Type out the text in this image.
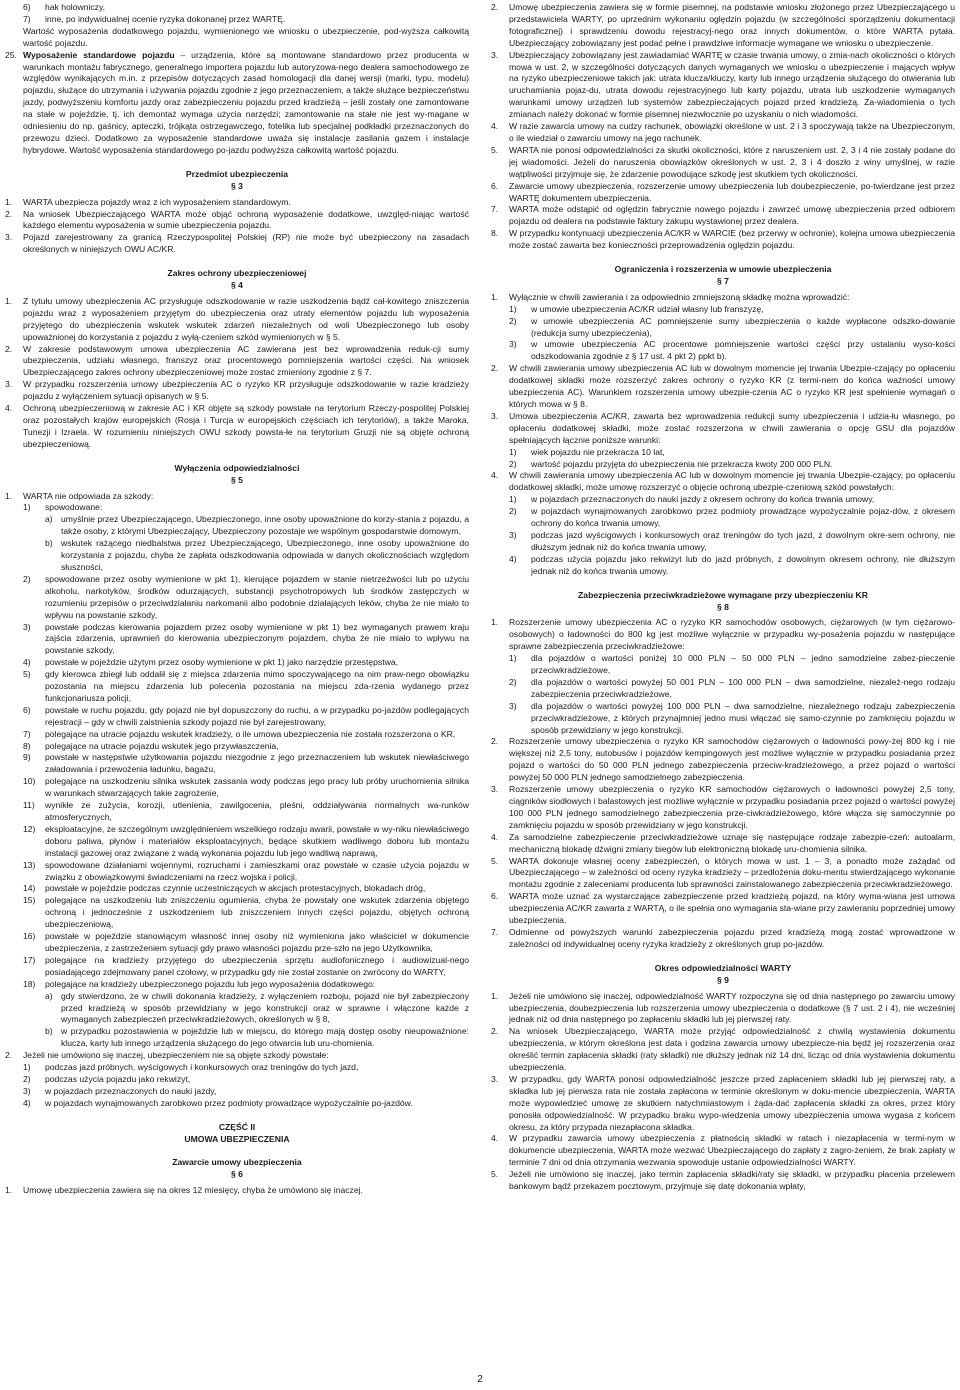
6) hak holowniczy,

7) inne, po indywidualnej ocenie ryzyka dokonanej przez WARTĘ.

Wartość wyposażenia dodatkowego pojazdu, wymienionego we wniosku o ubezpieczenie, pod-wyższa całkowitą wartość pojazdu.

25. Wyposażenie standardowe pojazdu – urządzenia, które są montowane standardowo przez producenta w warunkach montażu fabrycznego, generalnego importera pojazdu lub autoryzowa-nego dealera samochodowego ze względów wynikających m.in. z przepisów dotyczących zasad homologacji dla danej wersji (marki, typu, modelu) pojazdu, służące do utrzymania i używania pojazdu zgodnie z jego przeznaczeniem, a także służące bezpieczeństwu jazdy, podwyższeniu komfortu jazdy oraz zabezpieczeniu pojazdu przed kradzieżą – jeśli zostały one zamontowane na stałe w pojeździe, tj. ich demontaż wymaga użycia narzędzi; zamontowanie na stałe nie jest wy-magane w odniesieniu do np. gaśnicy, apteczki, trójkąta ostrzegawczego, fotelika lub specjalnej podkładki przeznaczonych do przewozu dzieci. Dodatkowo za wyposażenie standardowe uważa się instalacje zasilania gazem i instalacje hybrydowe. Wartość wyposażenia standardowego po-jazdu podwyższa całkowitą wartość pojazdu.

Przedmiot ubezpieczenia

§ 3

1. WARTA ubezpiecza pojazdy wraz z ich wyposażeniem standardowym.

2. Na wniosek Ubezpieczającego WARTA może objąć ochroną wyposażenie dodatkowe, uwzględ-niając wartość każdego elementu wyposażenia w sumie ubezpieczenia pojazdu.

3. Pojazd zarejestrowany za granicą Rzeczypospolitej Polskiej (RP) nie może być ubezpieczony na zasadach określonych w niniejszych OWU AC/KR.

Zakres ochrony ubezpieczeniowej

§ 4

1. Z tytułu umowy ubezpieczenia AC przysługuje odszkodowanie w razie uszkodzenia bądź cał-kowitego zniszczenia pojazdu wraz z wyposażeniem przyjętym do ubezpieczenia oraz utraty elementów pojazdu lub wyposażenia przyjętego do ubezpieczenia wskutek wskutek zdarzeń niezależnych od woli Ubezpieczonego lub osoby upoważnionej do korzystania z pojazdu z wyłą-czeniem szkód wymienionych w § 5.

2. W zakresie podstawowym umowa ubezpieczenia AC zawierana jest bez wprowadzenia reduk-cji sumy ubezpieczenia, udziału własnego, franszyz oraz procentowego pomniejszenia wartości części. Na wniosek Ubezpieczającego zakres ochrony ubezpieczeniowej może zostać zmieniony zgodnie z § 7.

3. W przypadku rozszerzenia umowy ubezpieczenia AC o ryzyko KR przysługuje odszkodowanie w razie kradzieży pojazdu z wyłączeniem sytuacji opisanych w § 5.

4. Ochroną ubezpieczeniową w zakresie AC i KR objęte są szkody powstałe na terytorium Rzeczy-pospolitej Polskiej oraz pozostałych krajów europejskich (Rosja i Turcja w europejskich częściach ich terytoriów), a także Maroka, Tunezji i Izraela. W rozumieniu niniejszych OWU szkody powsta-łe na terytorium Gruzji nie są objęte ochroną ubezpieczeniową.

Wyłączenia odpowiedzialności

§ 5

1. WARTA nie odpowiada za szkody:

1) spowodowane:

a) umyślnie przez Ubezpieczającego, Ubezpieczonego, inne osoby upoważnione do korzy-stania z pojazdu, a także osoby, z którymi Ubezpieczający, Ubezpieczony pozostaje we wspólnym gospodarstwie domowym,

b) wskutek rażącego niedbalstwa przez Ubezpieczającego, Ubezpieczonego, inne osoby upoważnione do korzystania z pojazdu, chyba że zapłata odszkodowania odpowiada w danych okolicznościach względom słuszności,

2) spowodowane przez osoby wymienione w pkt 1), kierujące pojazdem w stanie nietrzeźwości lub po użyciu alkoholu, narkotyków, środków odurzających, substancji psychotropowych lub środków zastępczych w rozumieniu przepisów o przeciwdziałaniu narkomanii albo podobnie działających leków, chyba że nie miało to wpływu na powstanie szkody,

3) powstałe podczas kierowania pojazdem przez osoby wymienione w pkt 1) bez wymaganych prawem kraju zajścia zdarzenia, uprawnień do kierowania ubezpieczonym pojazdem, chyba że nie miało to wpływu na powstanie szkody,

4) powstałe w pojeździe użytym przez osoby wymienione w pkt 1) jako narzędzie przestępstwa,

5) gdy kierowca zbiegł lub oddalił się z miejsca zdarzenia mimo spoczywającego na nim praw-nego obowiązku pozostania na miejscu zdarzenia lub polecenia pozostania na miejscu zda-rzenia wydanego przez funkcjonariusza policji,

6) powstałe w ruchu pojazdu, gdy pojazd nie był dopuszczony do ruchu, a w przypadku po-jazdów podlegających rejestracji – gdy w chwili zaistnienia szkody pojazd nie był zarejestrowany,

7) polegające na utracie pojazdu wskutek kradzieży, o ile umowa ubezpieczenia nie została rozszerzona o KR,

8) polegające na utracie pojazdu wskutek jego przywłaszczenia,

9) powstałe w następstwie użytkowania pojazdu niezgodnie z jego przeznaczeniem lub wskutek niewłaściwego załadowania i przewożenia ładunku, bagażu,

10) polegające na uszkodzeniu silnika wskutek zassania wody podczas jego pracy lub próby uruchomienia silnika w warunkach stwarzających takie zagrożenie,

11) wynikłe ze zużycia, korozji, utlenienia, zawilgocenia, pleśni, oddziaływania normalnych wa-runków atmosferycznych,

12) eksploatacyjne, ze szczególnym uwzględnieniem wszelkiego rodzaju awarii, powstałe w wy-niku niewłaściwego doboru paliwa, płynów i materiałów eksploatacyjnych, będące skutkiem wadliwego doboru lub montażu instalacji gazowej oraz związane z wadą wykonania pojazdu lub jego wadliwą naprawą,

13) spowodowane działaniami wojennymi, rozruchami i zamieszkami oraz powstałe w czasie użycia pojazdu w związku z obowiązkowymi świadczeniami na rzecz wojska i policji,

14) powstałe w pojeździe podczas czynnie uczestniczących w akcjach protestacyjnych, blokadach dróg,

15) polegające na uszkodzeniu lub zniszczeniu ogumienia, chyba że powstały one wskutek zdarzenia objętego ochroną i jednocześnie z uszkodzeniem lub zniszczeniem innych części pojazdu, objętych ochroną ubezpieczeniową,

16) powstałe w pojeździe stanowiącym własność innej osoby niż wymieniona jako właściciel w dokumencie ubezpieczenia, z zastrzeżeniem sytuacji gdy prawo własności pojazdu prze-szło na jego Użytkownika,

17) polegające na kradzieży przyjętego do ubezpieczenia sprzętu audiofonicznego i audiowizual-nego posiadającego zdejmowany panel czołowy, w przypadku gdy nie został zostanie on zwrócony do WARTY,

18) polegające na kradzieży ubezpieczonego pojazdu lub jego wyposażenia dodatkowego:

a) gdy stwierdzono, że w chwili dokonania kradzieży, z wyłączeniem rozboju, pojazd nie był zabezpieczony przed kradzieżą w sposób przewidziany w jego konstrukcji oraz w sprawne i włączone każde z wymaganych zabezpieczeń przeciwkradzieżowych, określonych w § 8,

b) w przypadku pozostawienia w pojeździe lub w miejscu, do którego mają dostęp osoby nieupoważnione: klucza, karty lub innego urządzenia służącego do jego otwarcia lub uru-chomienia.

2. Jeżeli nie umówiono się inaczej, ubezpieczeniem nie są objęte szkody powstałe:

1) podczas jazd próbnych, wyścigowych i konkursowych oraz treningów do tych jazd,

2) podczas użycia pojazdu jako rekwizyt,

3) w pojazdach przeznaczonych do nauki jazdy,

4) w pojazdach wynajmowanych zarobkowo przez podmioty prowadzące wypożyczalnie po-jazdów.

CZĘŚĆ II

UMOWA UBEZPIECZENIA

Zawarcie umowy ubezpieczenia

§ 6

1. Umowę ubezpieczenia zawiera się na okres 12 miesięcy, chyba że umówiono się inaczej.

2. Umowę ubezpieczenia zawiera się w formie pisemnej, na podstawie wniosku złożonego przez Ubezpieczającego u przedstawiciela WARTY, po uprzednim wykonaniu oględzin pojazdu (w szczególności sporządzeniu dokumentacji fotograficznej) i sprawdzeniu dowodu rejestracyj-nego oraz innych dokumentów, o które WARTA pytała. Ubezpieczający zobowiązany jest podać pełne i prawdziwe informacje wymagane we wniosku o ubezpieczenie.

3. Ubezpieczający zobowiązany jest zawiadamiać WARTĘ w czasie trwania umowy, o zmia-nach okoliczności o których mowa w ust. 2, w szczególności dotyczących danych wymaganych we wniosku o ubezpieczenie i mających wpływ na ryzyko ubezpieczeniowe takich jak: utrata klucza/kluczy, karty lub innego urządzenia służącego do otwierania lub uruchamiania pojaz-du, utrata dowodu rejestracyjnego lub karty pojazdu, utrata lub uszkodzenie wymaganych warunkami umowy urządzeń lub systemów zabezpieczających pojazd przed kradzieżą. Za-wiadomienia o tych zmianach należy dokonać w formie pisemnej niezwłocznie po uzyskaniu o nich wiadomości.

4. W razie zawarcia umowy na cudzy rachunek, obowiązki określone w ust. 2 i 3 spoczywają także na Ubezpieczonym, o ile wiedział o zawarciu umowy na jego rachunek.

5. WARTA nie ponosi odpowiedzialności za skutki okoliczności, które z naruszeniem ust. 2, 3 i 4 nie zostały podane do jej wiadomości. Jeżeli do naruszenia obowiązków określonych w ust. 2, 3 i 4 doszło z winy umyślnej, w razie wątpliwości przyjmuje się, że zdarzenie powodujące szkodę jest skutkiem tych okoliczności.

6. Zawarcie umowy ubezpieczenia, rozszerzenie umowy ubezpieczenia lub doubezpieczenie, po-twierdzane jest przez WARTĘ dokumentem ubezpieczenia.

7. WARTA może odstąpić od oględzin fabrycznie nowego pojazdu i zawrzeć umowę ubezpieczenia przed odbiorem pojazdu od dealera na podstawie faktury zakupu wystawionej przez dealera.

8. W przypadku kontynuacji ubezpieczenia AC/KR w WARCIE (bez przerwy w ochronie), kolejna umowa ubezpieczenia może zostać zawarta bez konieczności przeprowadzenia oględzin pojazdu.

Ograniczenia i rozszerzenia w umowie ubezpieczenia

§ 7

1. Wyłącznie w chwili zawierania i za odpowiednio zmniejszoną składkę można wprowadzić:

1) w umowie ubezpieczenia AC/KR udział własny lub franszyzę,

2) w umowie ubezpieczenia AC pomniejszenie sumy ubezpieczenia o każde wypłacone odszko-dowanie (redukcja sumy ubezpieczenia),

3) w umowie ubezpieczenia AC procentowe pomniejszenie wartości części przy ustalaniu wyso-kości odszkodowania zgodnie z § 17 ust. 4 pkt 2) ppkt b).

2. W chwili zawierania umowy ubezpieczenia AC lub w dowolnym momencie jej trwania Ubezpie-czający po opłaceniu dodatkowej składki może rozszerzyć zakres ochrony o ryzyko KR (z termi-nem do końca ważności umowy ubezpieczenia AC). Warunkiem rozszerzenia umowy ubezpie-czenia AC o ryzyko KR jest spełnienie wymagań o których mowa w § 8.

3. Umowa ubezpieczenia AC/KR, zawarta bez wprowadzenia redukcji sumy ubezpieczenia i udzia-łu własnego, po opłaceniu dodatkowej składki, może zostać rozszerzona w chwili zawierania o opcję GSU dla pojazdów spełniających łącznie poniższe warunki:

1) wiek pojazdu nie przekracza 10 lat,

2) wartość pojazdu przyjęta do ubezpieczenia nie przekracza kwoty 200 000 PLN.

4. W chwili zawierania umowy ubezpieczenia AC lub w dowolnym momencie jej trwania Ubezpie-czający, po opłaceniu dodatkowej składki, może umowę rozszerzyć o objęcie ochroną ubezpie-czeniową szkód powstałych:

1) w pojazdach przeznaczonych do nauki jazdy z okresem ochrony do końca trwania umowy,

2) w pojazdach wynajmowanych zarobkowo przez podmioty prowadzące wypożyczalnie pojaz-dów, z okresem ochrony do końca trwania umowy,

3) podczas jazd wyścigowych i konkursowych oraz treningów do tych jazd, z dowolnym okre-sem ochrony, nie dłuższym jednak niż do końca trwania umowy,

4) podczas użycia pojazdu jako rekwizyt lub do jazd próbnych, z dowolnym okresem ochrony, nie dłuższym jednak niż do końca trwania umowy.

Zabezpieczenia przeciwkradzieżowe wymagane przy ubezpieczeniu KR

§ 8

1. Rozszerzenie umowy ubezpieczenia AC o ryzyko KR samochodów osobowych, ciężarowych (w tym ciężarowo-osobowych) o ładowności do 800 kg jest możliwe wyłącznie w przypadku wy-posażenia pojazdu w następujące sprawne zabezpieczenia przeciwkradzieżowe:

1) dla pojazdów o wartości poniżej 10 000 PLN – 50 000 PLN – jedno samodzielne zabez-pieczenie przeciwkradzieżowe,

2) dla pojazdów o wartości powyżej 50 001 PLN – 100 000 PLN – dwa samodzielne, niezależ-nego rodzaju zabezpieczenia przeciwkradzieżowe,

3) dla pojazdów o wartości powyżej 100 000 PLN – dwa samodzielne, niezależnego rodzaju zabezpieczenia przeciwkradzieżowe, z których przynajmniej jedno musi włączać się samo-czynnie po zamknięciu pojazdu w sposób przewidziany w jego konstrukcji.

2. Rozszerzenie umowy ubezpieczenia o ryzyko KR samochodów ciężarowych o ładowności powy-żej 800 kg i nie większej niż 2,5 tony, autobusów i pojazdów kempingowych jest możliwe wyłącznie w przypadku posiadania przez pojazd o wartości do 50 000 PLN jednego zabezpieczenia przeciw-kradzieżowego, a przez pojazd o wartości powyżej 50 000 PLN jednego samodzielnego zabezpieczenia.

3. Rozszerzenie umowy ubezpieczenia o ryzyko KR samochodów ciężarowych o ładowności powyżej 2,5 tony, ciągników siodłowych i balastowych jest możliwe wyłącznie w przypadku posiadania przez pojazd o wartości powyżej 100 000 PLN jednego samodzielnego zabezpieczenia prze-ciwkradzieżowego, które włącza się samoczynnie po zamknięciu pojazdu w sposób przewidziany w jego konstrukcji.

4. Za samodzielne zabezpieczenie przeciwkradzieżowe uznaje się następujące rodzaje zabezpie-czeń: autoalarm, mechaniczną blokadę dźwigni zmiany biegów lub elektroniczną blokadę uru-chomienia silnika.

5. WARTA dokonuje własnej oceny zabezpieczeń, o których mowa w ust. 1 – 3, a ponadto może zażądać od Ubezpieczającego – w zależności od oceny ryzyka kradzieży – przedłożenia doku-mentu stwierdzającego wykonanie montażu zgodnie z zaleceniami producenta lub sprawności zainstalowanego zabezpieczenia przeciwkradzieżowego.

6. WARTA może uznać za wystarczające zabezpieczenie przed kradzieżą pojazd, na który wyma-wiana jest umowa ubezpieczenia AC/KR zawarta z WARTĄ, o ile spełnia ono wymagania sta-wiane przy zawieraniu poprzedniej umowy ubezpieczenia.

7. Odmienne od powyższych warunki zabezpieczenia pojazdu przed kradzieżą mogą zostać wprowadzone w zależności od indywidualnej oceny ryzyka kradzieży z określonych grup po-jazdów.

Okres odpowiedzialności WARTY

§ 9

1. Jeżeli nie umówiono się inaczej, odpowiedzialność WARTY rozpoczyna się od dnia następnego po zawarciu umowy ubezpieczenia, doubezpieczenia lub rozszerzenia umowy ubezpieczenia o dodatkowe (§ 7 ust. 2 i 4), nie wcześniej jednak niż od dnia następnego po zapłaceniu składki lub jej pierwszej raty.

2. Na wniosek Ubezpieczającego, WARTA może przyjąć odpowiedzialność z chwilą wystawienia dokumentu ubezpieczenia, w którym określona jest data i godzina zawarcia umowy ubezpiecze-nia będź jej rozszerzenia oraz określić termin zapłacenia składki (raty składki) nie dłuższy jednak niż 14 dni, licząc od dnia wystawienia dokumentu ubezpieczenia.

3. W przypadku, gdy WARTA ponosi odpowiedzialność jeszcze przed zapłaceniem składki lub jej pierwszej raty, a składka lub jej pierwsza rata nie została zapłacona w terminie określonym w doku-mencie ubezpieczenia, WARTA może wypowiedzieć umowę ze skutkiem natychmiastowym i żąda-dać zapłacenia składki za okres, przez który ponosiła odpowiedzialność. W przypadku braku wypo-wiedzenia umowy ubezpieczenia umowa wygasa z końcem okresu, za który przypada niezapłacona składka.

4. W przypadku zawarcia umowy ubezpieczenia z płatnością składki w ratach i niezapłacenia w termi-nym w dokumencie ubezpieczenia, WARTA może wezwać Ubezpieczającego do zapłaty z zagro-żeniem, że brak zapłaty w terminie 7 dni od dnia otrzymania wezwania spowoduje ustanie odpowiedzialności WARTY.

5. Jeżeli nie umówiono się inaczej, jako termin zapłacenia składki/raty się składki, w przypadku płacenia przelewem bankowym bądź przekazem pocztowym, przyjmuje się datę dokonania wpłaty,

2
